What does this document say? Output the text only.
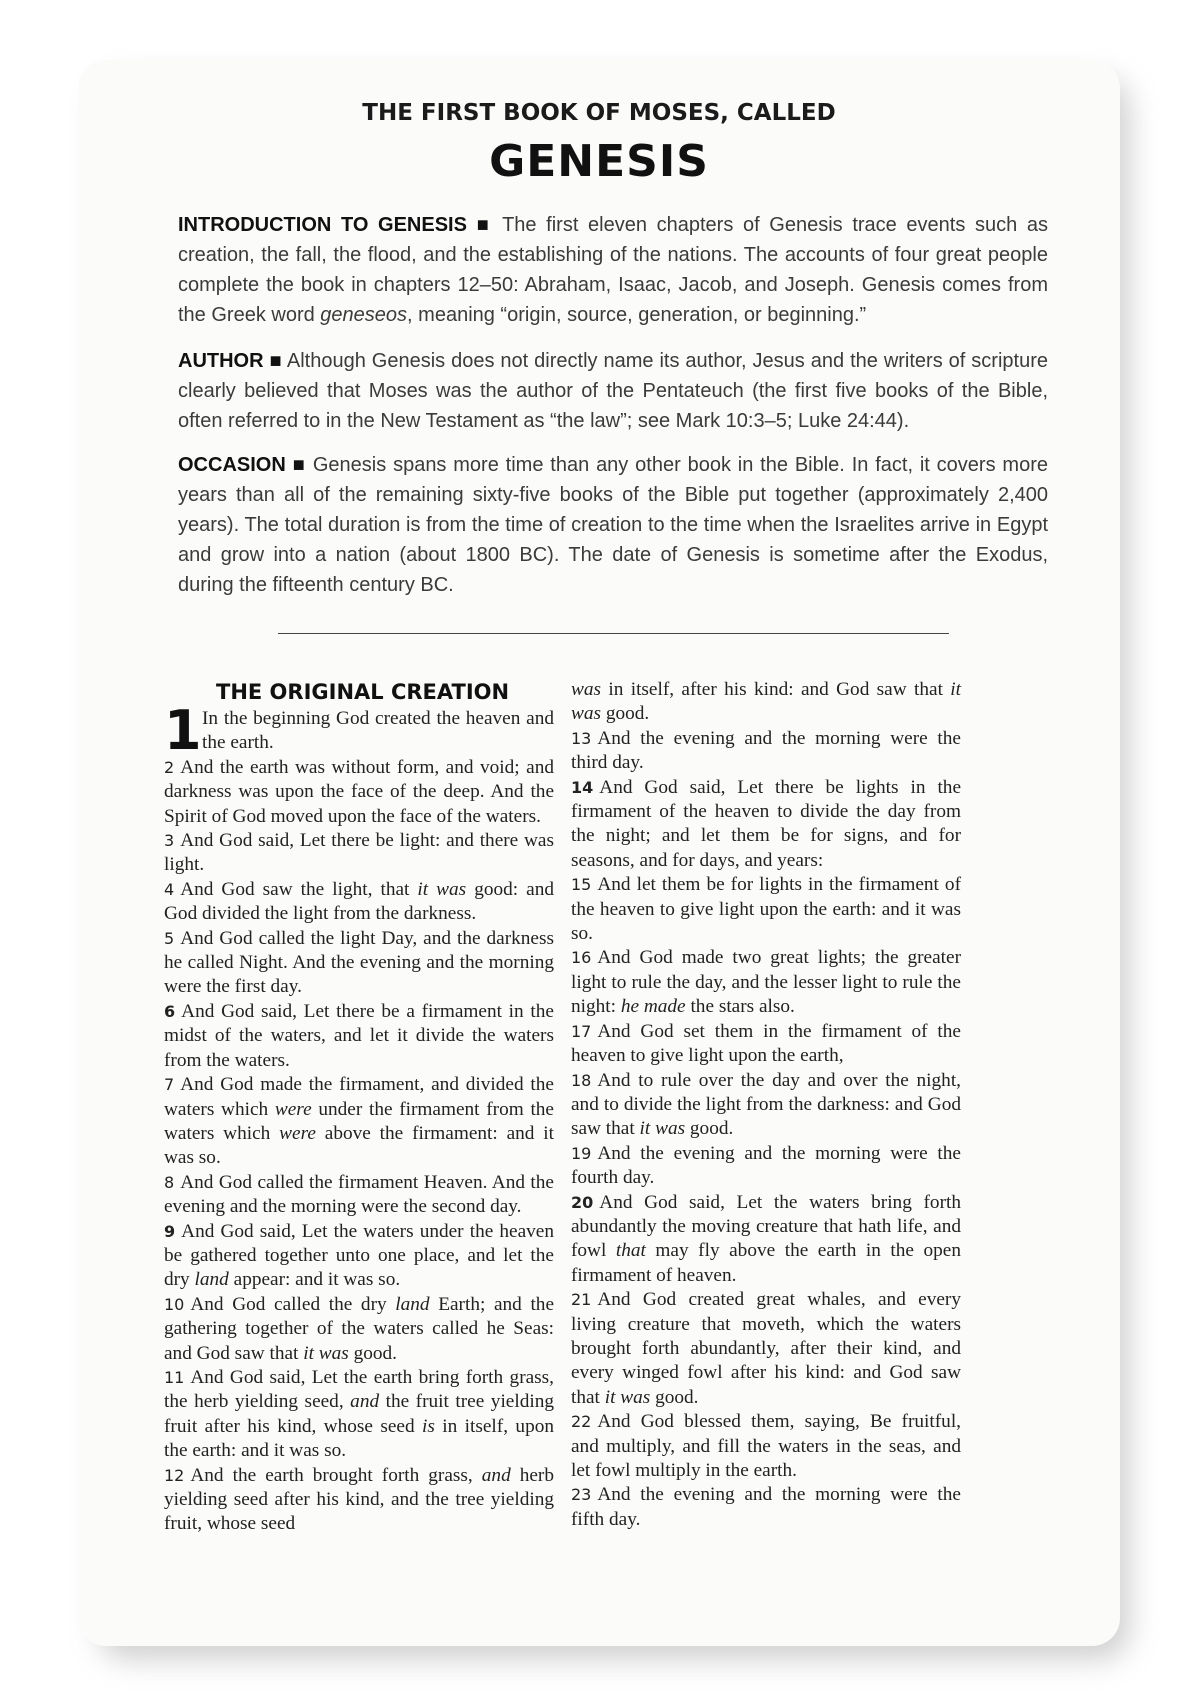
THE FIRST BOOK OF MOSES, CALLED
GENESIS
INTRODUCTION TO GENESIS ■ The first eleven chapters of Genesis trace events such as creation, the fall, the flood, and the establishing of the nations. The accounts of four great people complete the book in chapters 12–50: Abraham, Isaac, Jacob, and Joseph. Genesis comes from the Greek word geneseos, meaning “origin, source, generation, or beginning.”
AUTHOR ■ Although Genesis does not directly name its author, Jesus and the writers of scripture clearly believed that Moses was the author of the Pentateuch (the first five books of the Bible, often referred to in the New Testament as “the law”; see Mark 10:3–5; Luke 24:44).
OCCASION ■ Genesis spans more time than any other book in the Bible. In fact, it covers more years than all of the remaining sixty-five books of the Bible put together (approximately 2,400 years). The total duration is from the time of creation to the time when the Israelites arrive in Egypt and grow into a nation (about 1800 BC). The date of Genesis is sometime after the Exodus, during the fifteenth century BC.
THE ORIGINAL CREATION
1 In the beginning God created the heaven and the earth.

2 And the earth was without form, and void; and darkness was upon the face of the deep. And the Spirit of God moved upon the face of the waters.

3 And God said, Let there be light: and there was light.

4 And God saw the light, that it was good: and God divided the light from the darkness.

5 And God called the light Day, and the darkness he called Night. And the evening and the morning were the first day.

6 And God said, Let there be a firmament in the midst of the waters, and let it divide the waters from the waters.

7 And God made the firmament, and divided the waters which were under the firmament from the waters which were above the firmament: and it was so.

8 And God called the firmament Heaven. And the evening and the morning were the second day.

9 And God said, Let the waters under the heaven be gathered together unto one place, and let the dry land appear: and it was so.

10 And God called the dry land Earth; and the gathering together of the waters called he Seas: and God saw that it was good.

11 And God said, Let the earth bring forth grass, the herb yielding seed, and the fruit tree yielding fruit after his kind, whose seed is in itself, upon the earth: and it was so.

12 And the earth brought forth grass, and herb yielding seed after his kind, and the tree yielding fruit, whose seed

was in itself, after his kind: and God saw that it was good.

13 And the evening and the morning were the third day.

14 And God said, Let there be lights in the firmament of the heaven to divide the day from the night; and let them be for signs, and for seasons, and for days, and years:

15 And let them be for lights in the firmament of the heaven to give light upon the earth: and it was so.

16 And God made two great lights; the greater light to rule the day, and the lesser light to rule the night: he made the stars also.

17 And God set them in the firmament of the heaven to give light upon the earth,

18 And to rule over the day and over the night, and to divide the light from the darkness: and God saw that it was good.

19 And the evening and the morning were the fourth day.

20 And God said, Let the waters bring forth abundantly the moving creature that hath life, and fowl that may fly above the earth in the open firmament of heaven.

21 And God created great whales, and every living creature that moveth, which the waters brought forth abundantly, after their kind, and every winged fowl after his kind: and God saw that it was good.

22 And God blessed them, saying, Be fruitful, and multiply, and fill the waters in the seas, and let fowl multiply in the earth.

23 And the evening and the morning were the fifth day.
